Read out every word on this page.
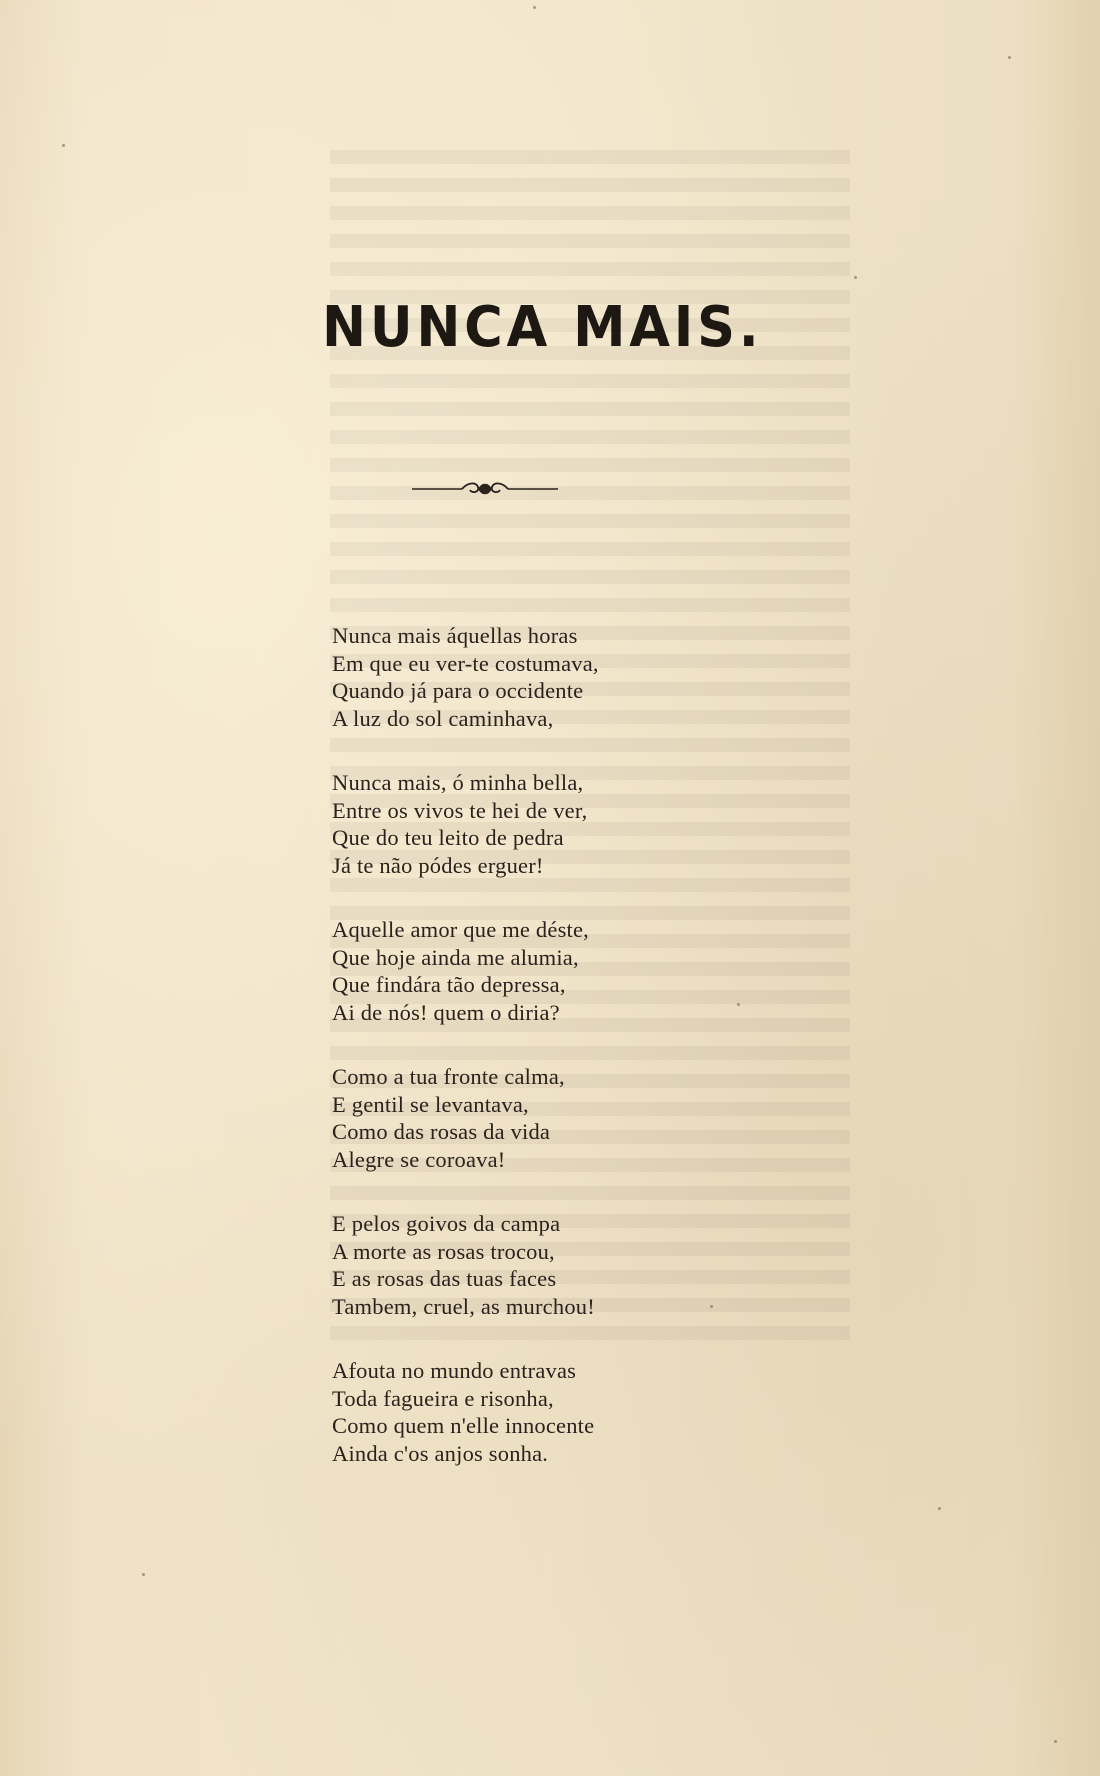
NUNCA MAIS.
Nunca mais áquellas horas
Em que eu ver-te costumava,
Quando já para o occidente
A luz do sol caminhava,
Nunca mais, ó minha bella,
Entre os vivos te hei de ver,
Que do teu leito de pedra
Já te não pódes erguer!
Aquelle amor que me déste,
Que hoje ainda me alumia,
Que findára tão depressa,
Ai de nós! quem o diria?
Como a tua fronte calma,
E gentil se levantava,
Como das rosas da vida
Alegre se coroava!
E pelos goivos da campa
A morte as rosas trocou,
E as rosas das tuas faces
Tambem, cruel, as murchou!
Afouta no mundo entravas
Toda fagueira e risonha,
Como quem n'elle innocente
Ainda c'os anjos sonha.
